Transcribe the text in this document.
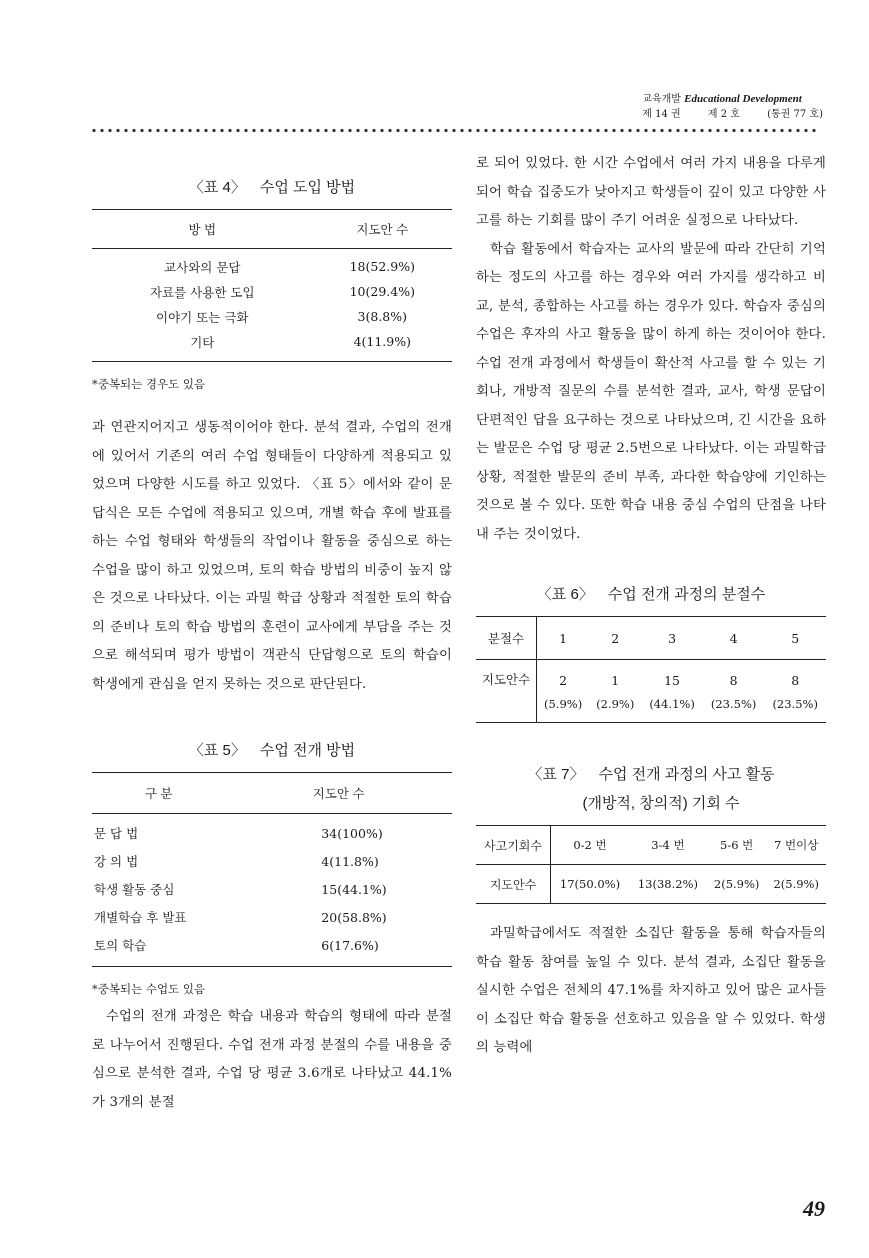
교육개발 Educational Development
제 14 권	제 2 호	(통권 77 호)
〈표 4〉 수업 도입 방법
방 법	지도안 수
교사와의 문답	18(52.9%)
자료를 사용한 도입	10(29.4%)
이야기 또는 극화	3(8.8%)
기타	4(11.9%)

*중복되는 경우도 있음

과 연관지어지고 생동적이어야 한다. 분석 결과, 수업의 전개에 있어서 기존의 여러 수업 형태들이 다양하게 적용되고 있었으며 다양한 시도를 하고 있었다. 〈표 5〉에서와 같이 문답식은 모든 수업에 적용되고 있으며, 개별 학습 후에 발표를 하는 수업 형태와 학생들의 작업이나 활동을 중심으로 하는 수업을 많이 하고 있었으며, 토의 학습 방법의 비중이 높지 않은 것으로 나타났다. 이는 과밀 학급 상황과 적절한 토의 학습의 준비나 토의 학습 방법의 훈련이 교사에게 부담을 주는 것으로 해석되며 평가 방법이 객관식 단답형으로 토의 학습이 학생에게 관심을 얻지 못하는 것으로 판단된다.

〈표 5〉 수업 전개 방법
구 분	지도안 수
문 답 법	34(100%)
강 의 법	4(11.8%)
학생 활동 중심	15(44.1%)
개별학습 후 발표	20(58.8%)
토의 학습	6(17.6%)

*중복되는 수업도 있음

수업의 전개 과정은 학습 내용과 학습의 형태에 따라 분절로 나누어서 진행된다. 수업 전개 과정 분절의 수를 내용을 중심으로 분석한 결과, 수업 당 평균 3.6개로 나타났고 44.1%가 3개의 분절

로 되어 있었다. 한 시간 수업에서 여러 가지 내용을 다루게 되어 학습 집중도가 낮아지고 학생들이 깊이 있고 다양한 사고를 하는 기회를 많이 주기 어려운 실정으로 나타났다.

학습 활동에서 학습자는 교사의 발문에 따라 간단히 기억하는 정도의 사고를 하는 경우와 여러 가지를 생각하고 비교, 분석, 종합하는 사고를 하는 경우가 있다. 학습자 중심의 수업은 후자의 사고 활동을 많이 하게 하는 것이어야 한다. 수업 전개 과정에서 학생들이 확산적 사고를 할 수 있는 기회나, 개방적 질문의 수를 분석한 결과, 교사, 학생 문답이 단편적인 답을 요구하는 것으로 나타났으며, 긴 시간을 요하는 발문은 수업 당 평균 2.5번으로 나타났다. 이는 과밀학급 상황, 적절한 발문의 준비 부족, 과다한 학습양에 기인하는 것으로 볼 수 있다. 또한 학습 내용 중심 수업의 단점을 나타내 주는 것이었다.

〈표 6〉 수업 전개 과정의 분절수
분절수	1	2	3	4	5
지도안수	2	1	15	8	8
	(5.9%)	(2.9%)	(44.1%)	(23.5%)	(23.5%)
〈표 7〉 수업 전개 과정의 사고 활동
(개방적, 창의적) 기회 수
사고기회수	0-2 번	3-4 번	5-6 번	7 번이상
지도안수	17(50.0%)	13(38.2%)	2(5.9%)	2(5.9%)

과밀학급에서도 적절한 소집단 활동을 통해 학습자들의 학습 활동 참여를 높일 수 있다. 분석 결과, 소집단 활동을 실시한 수업은 전체의 47.1%를 차지하고 있어 많은 교사들이 소집단 학습 활동을 선호하고 있음을 알 수 있었다. 학생의 능력에

49
